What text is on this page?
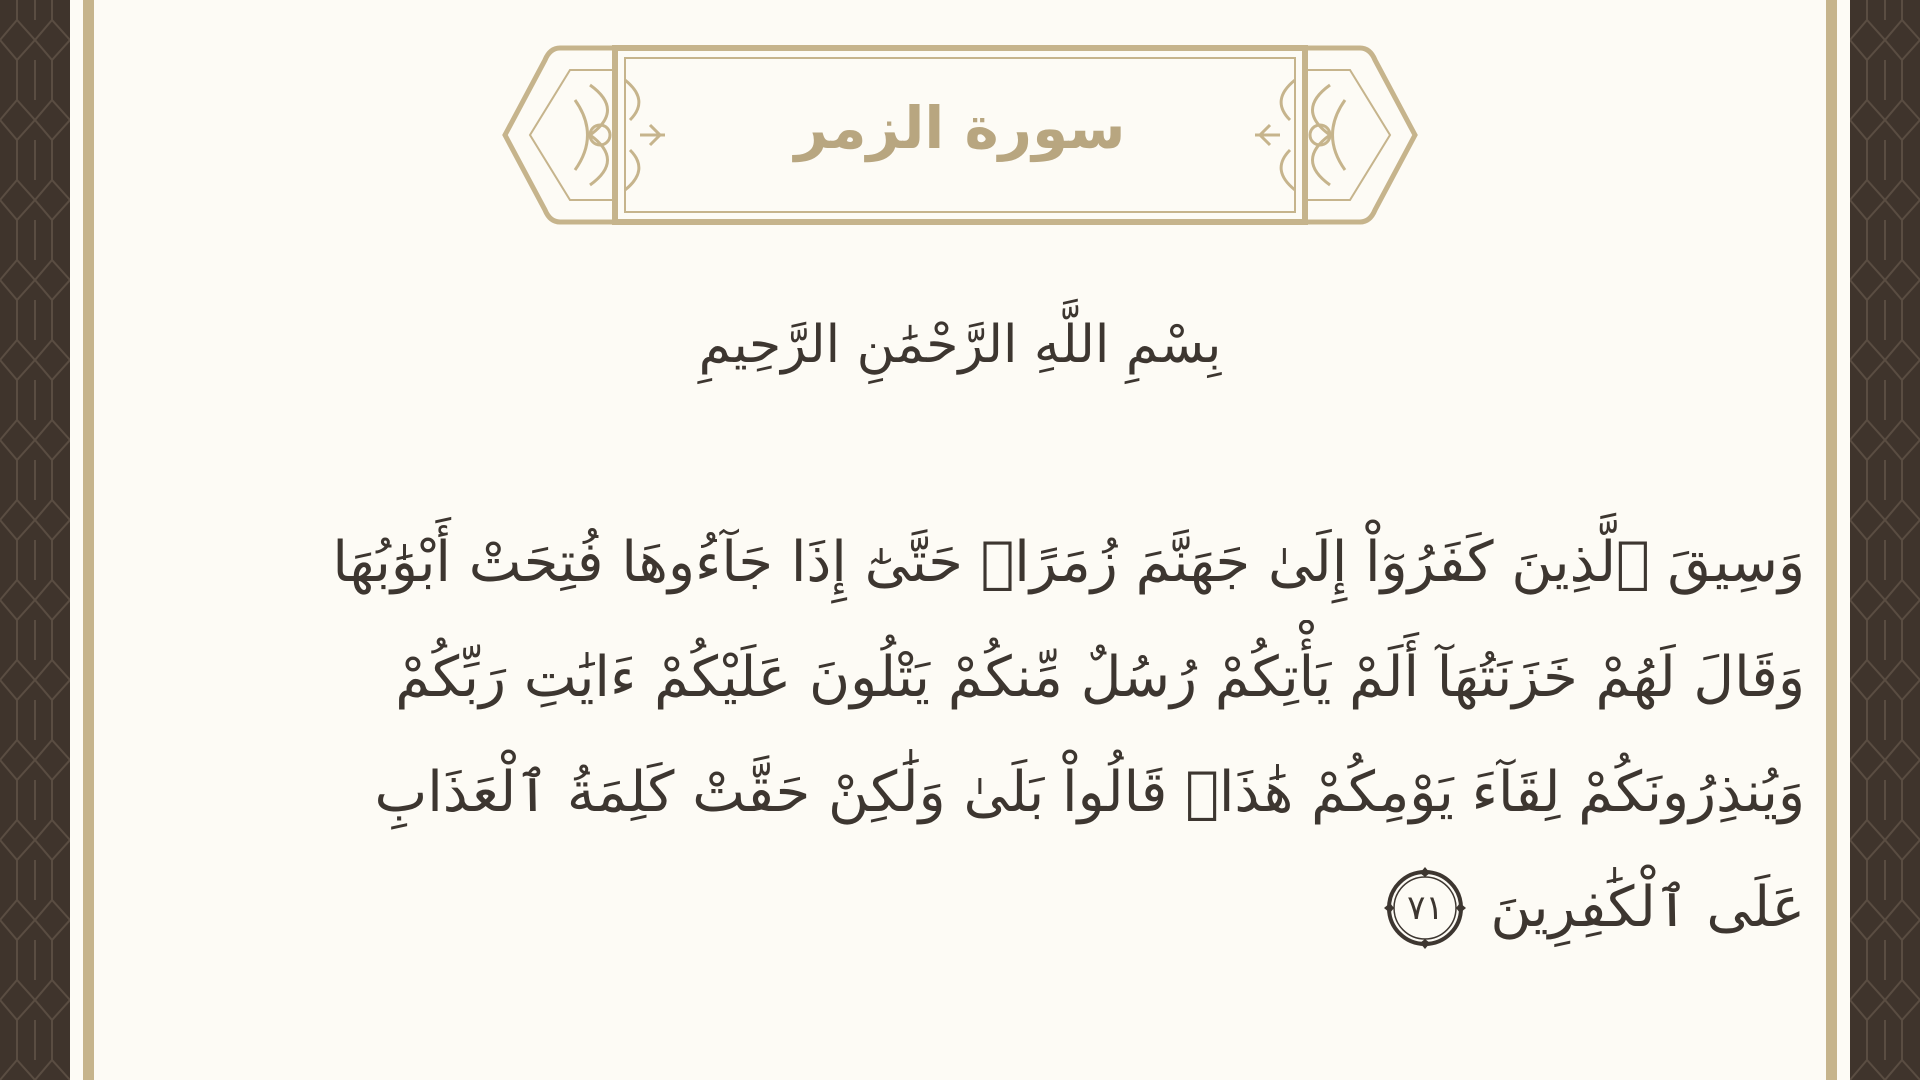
سورة الزمر
بِسْمِ اللَّهِ الرَّحْمَٰنِ الرَّحِيمِ
وَسِيقَ ٱلَّذِينَ كَفَرُوٓاْ إِلَىٰ جَهَنَّمَ زُمَرًاۖ حَتَّىٰٓ إِذَا جَآءُوهَا فُتِحَتْ أَبْوَٰبُهَا
وَقَالَ لَهُمْ خَزَنَتُهَآ أَلَمْ يَأْتِكُمْ رُسُلٌ مِّنكُمْ يَتْلُونَ عَلَيْكُمْ ءَايَٰتِ رَبِّكُمْ
وَيُنذِرُونَكُمْ لِقَآءَ يَوْمِكُمْ هَٰذَاۚ قَالُواْ بَلَىٰ وَلَٰكِنْ حَقَّتْ كَلِمَةُ ٱلْعَذَابِ
عَلَى ٱلْكَٰفِرِينَ
٧١
